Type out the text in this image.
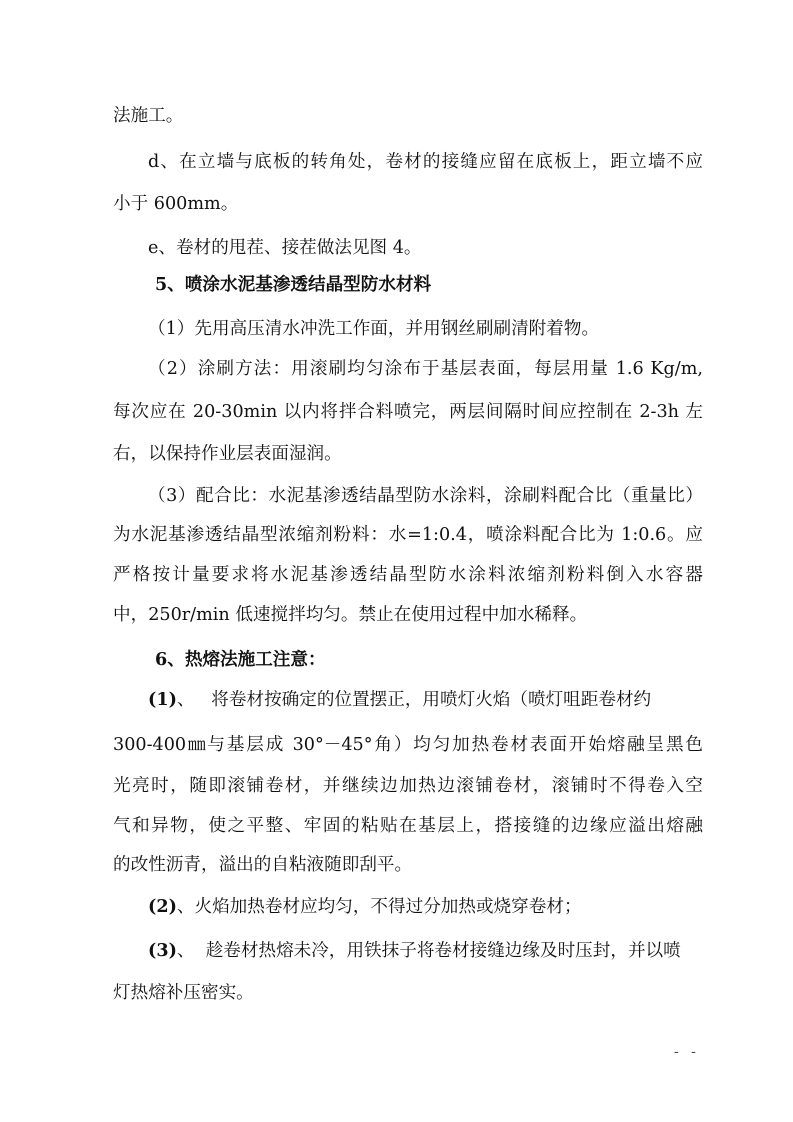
法施工。
d、在立墙与底板的转角处，卷材的接缝应留在底板上，距立墙不应
小于 600mm。
e、卷材的甩茬、接茬做法见图 4。
5、喷涂水泥基渗透结晶型防水材料
（1）先用高压清水冲洗工作面，并用钢丝刷刷清附着物。
（2）涂刷方法：用滚刷均匀涂布于基层表面，每层用量 1.6 Kg/m,
每次应在 20-30min 以内将拌合料喷完，两层间隔时间应控制在 2-3h 左
右，以保持作业层表面湿润。
（3）配合比：水泥基渗透结晶型防水涂料，涂刷料配合比（重量比）
为水泥基渗透结晶型浓缩剂粉料：水=1:0.4，喷涂料配合比为 1:0.6。应
严格按计量要求将水泥基渗透结晶型防水涂料浓缩剂粉料倒入水容器
中，250r/min 低速搅拌均匀。禁止在使用过程中加水稀释。
6、热熔法施工注意：
(1)、 将卷材按确定的位置摆正，用喷灯火焰（喷灯咀距卷材约
300-400㎜与基层成 30°－45°角）均匀加热卷材表面开始熔融呈黑色
光亮时，随即滚铺卷材，并继续边加热边滚铺卷材，滚铺时不得卷入空
气和异物，使之平整、牢固的粘贴在基层上，搭接缝的边缘应溢出熔融
的改性沥青，溢出的自粘液随即刮平。
(2)、火焰加热卷材应均匀，不得过分加热或烧穿卷材；
(3)、 趁卷材热熔未冷，用铁抹子将卷材接缝边缘及时压封，并以喷
灯热熔补压密实。
- -
